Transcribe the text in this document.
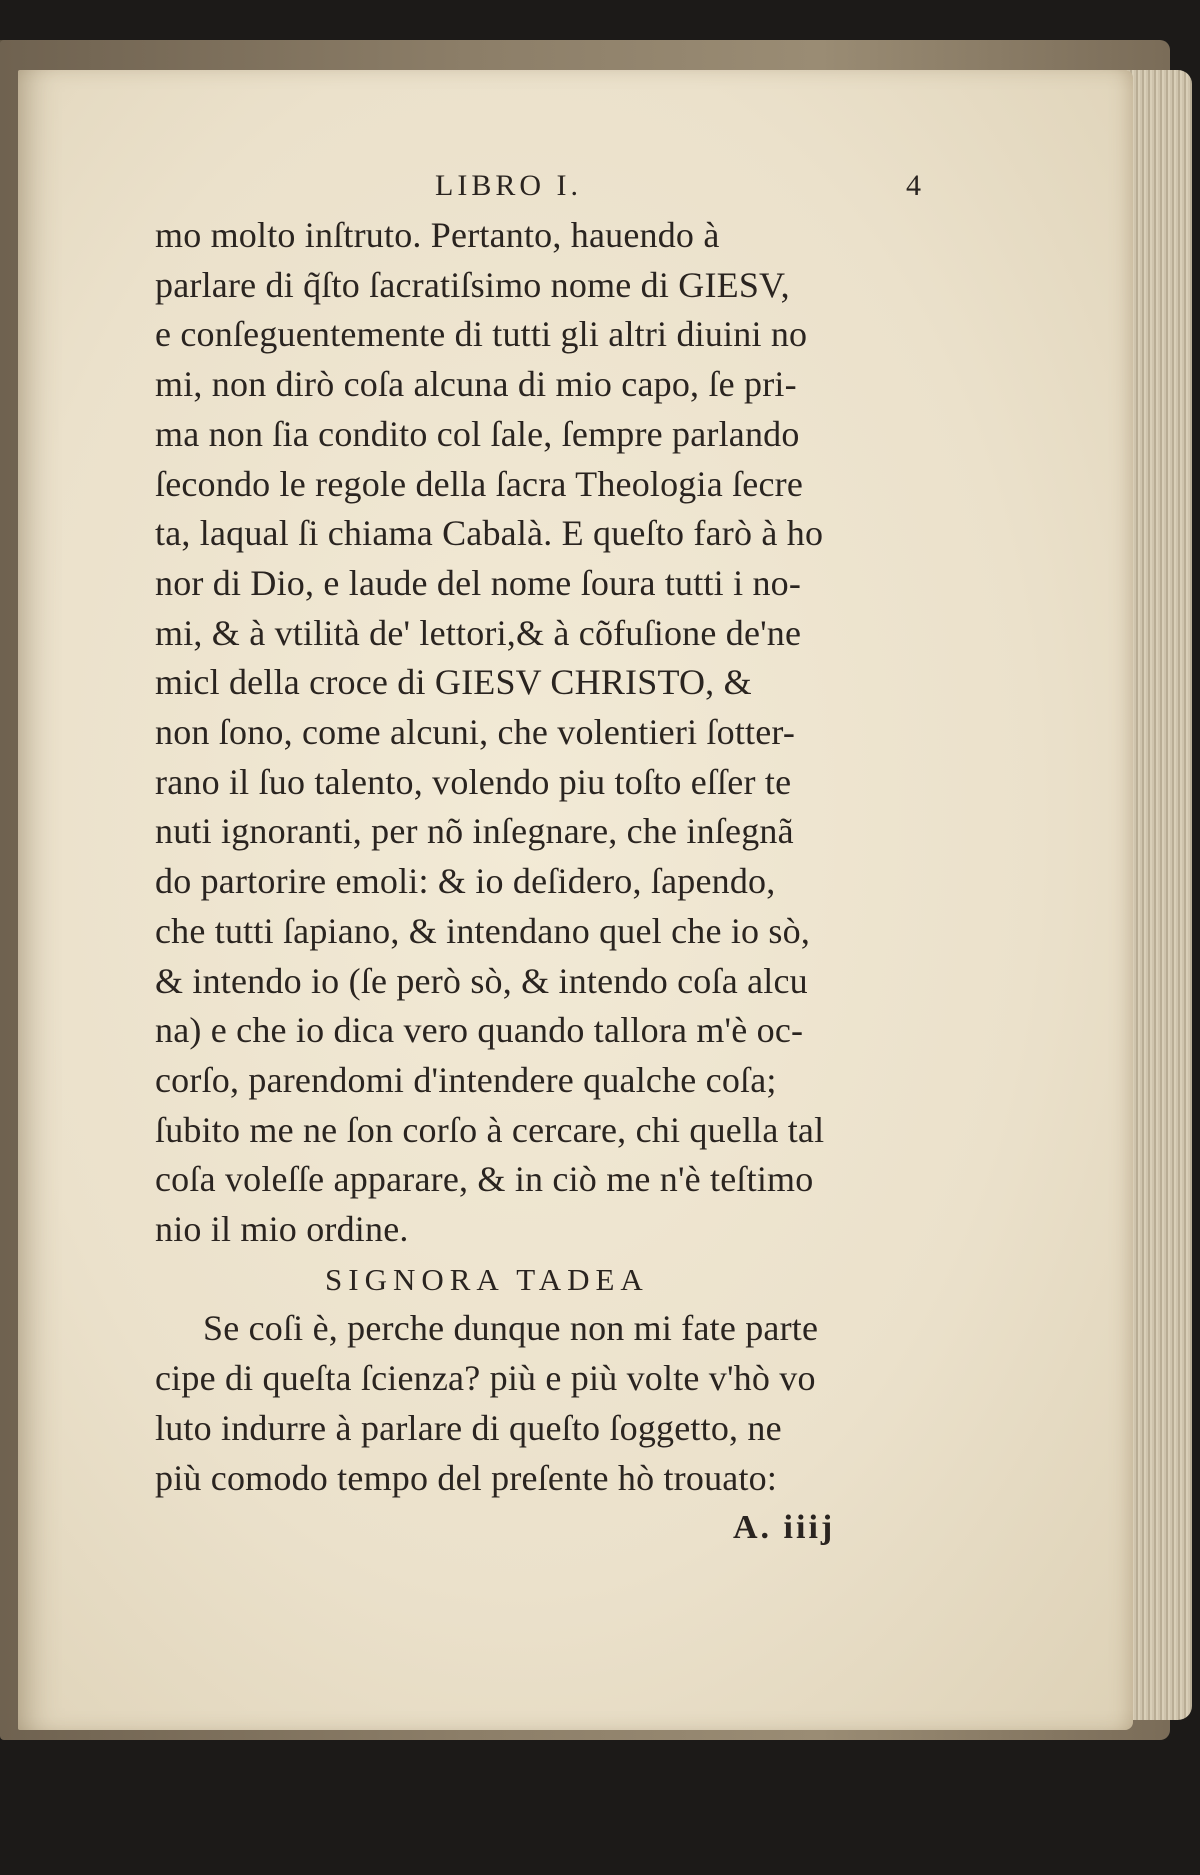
LIBRO I.	4
mo molto inſtruto. Pertanto, hauendo à
parlare di q̃ſto ſacratiſsimo nome di GIESV,
e conſeguentemente di tutti gli altri diuini no
mi, non dirò coſa alcuna di mio capo, ſe pri-
ma non ſia condito col ſale, ſempre parlando
ſecondo le regole della ſacra Theologia ſecre
ta, laqual ſi chiama Cabalà. E queſto farò à ho
nor di Dio, e laude del nome ſoura tutti i no-
mi, & à vtilità de' lettori,& à cõfuſione de'ne
micl della croce di GIESV CHRISTO, &
non ſono, come alcuni, che volentieri ſotter-
rano il ſuo talento, volendo piu toſto eſſer te
nuti ignoranti, per nõ inſegnare, che inſegnã
do partorire emoli: & io deſidero, ſapendo,
che tutti ſapiano, & intendano quel che io sò,
& intendo io (ſe però sò, & intendo coſa alcu
na) e che io dica vero quando tallora m'è oc-
corſo, parendomi d'intendere qualche coſa;
ſubito me ne ſon corſo à cercare, chi quella tal
coſa voleſſe apparare, & in ciò me n'è teſtimo
nio il mio ordine.
SIGNORA TADEA
Se coſi è, perche dunque non mi fate parte
cipe di queſta ſcienza? più e più volte v'hò vo
luto indurre à parlare di queſto ſoggetto, ne
più comodo tempo del preſente hò trouato:
A. iiij
